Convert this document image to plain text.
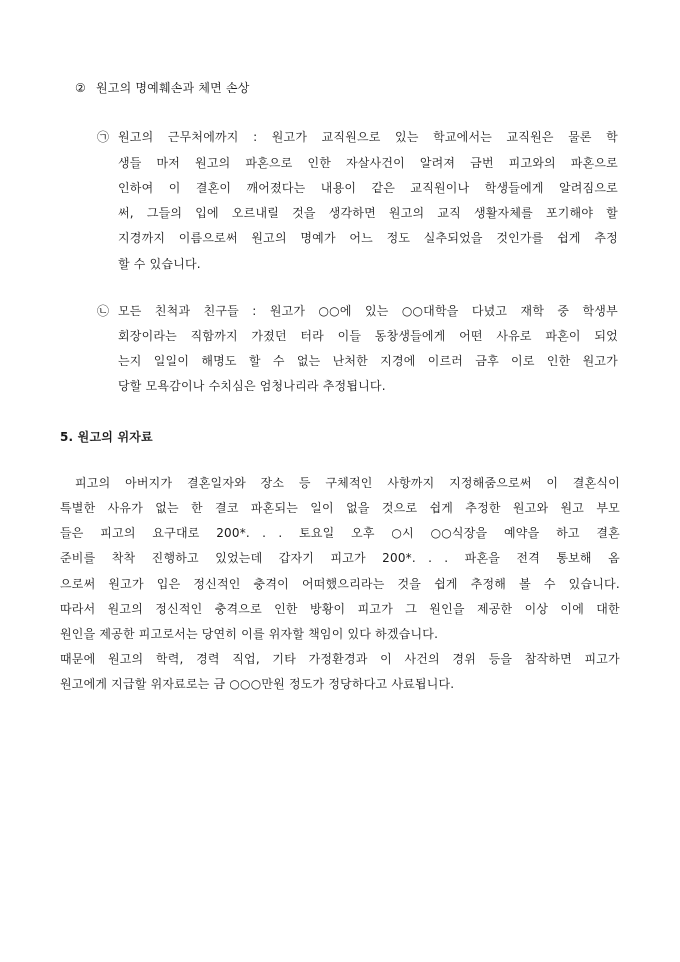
② 원고의 명예훼손과 체면 손상
㉠ 원고의 근무처에까지 : 원고가 교직원으로 있는 학교에서는 교직원은 물론 학
생들 마저 원고의 파혼으로 인한 자살사건이 알려져 금번 피고와의 파혼으로
인하여 이 결혼이 깨어졌다는 내용이 같은 교직원이나 학생들에게 알려짐으로
써, 그들의 입에 오르내릴 것을 생각하면 원고의 교직 생활자체를 포기해야 할
지경까지 이름으로써 원고의 명예가 어느 정도 실추되었을 것인가를 쉽게 추정
할 수 있습니다.
㉡ 모든 친척과 친구들 : 원고가 ○○에 있는 ○○대학을 다녔고 재학 중 학생부
회장이라는 직함까지 가졌던 터라 이들 동창생들에게 어떤 사유로 파혼이 되었
는지 일일이 해명도 할 수 없는 난처한 지경에 이르러 금후 이로 인한 원고가
당할 모욕감이나 수치심은 엄청나리라 추정됩니다.
5. 원고의 위자료
피고의 아버지가 결혼일자와 장소 등 구체적인 사항까지 지정해줌으로써 이 결혼식이
특별한 사유가 없는 한 결코 파혼되는 일이 없을 것으로 쉽게 추정한 원고와 원고 부모
들은 피고의 요구대로 200*.　.　. 토요일 오후 ○시 ○○식장을 예약을 하고 결혼
준비를 착착 진행하고 있었는데 갑자기 피고가 200*.　.　. 파혼을 전격 통보해 옴
으로써 원고가 입은 정신적인 충격이 어떠했으리라는 것을 쉽게 추정해 볼 수 있습니다.
따라서 원고의 정신적인 충격으로 인한 방황이 피고가 그 원인을 제공한 이상 이에 대한
원인을 제공한 피고로서는 당연히 이를 위자할 책임이 있다 하겠습니다.
때문에 원고의 학력, 경력 직업, 기타 가정환경과 이 사건의 경위 등을 참작하면 피고가
원고에게 지급할 위자료로는 금 ○○○만원 정도가 정당하다고 사료됩니다.
